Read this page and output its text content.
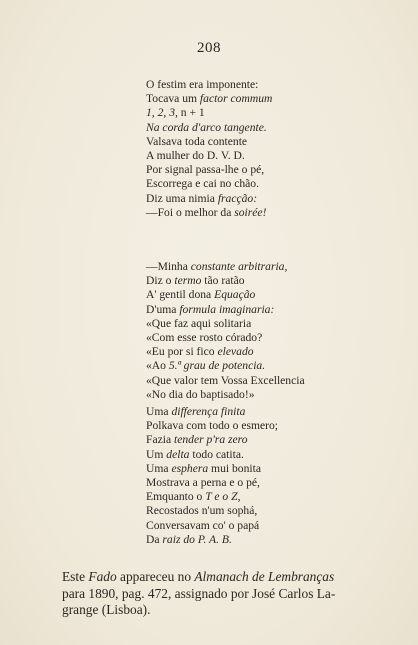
208
O festim era imponente:
Tocava um factor commum
1, 2, 3, n + 1
Na corda d'arco tangente.
Valsava toda contente
A mulher do D. V. D.
Por signal passa-lhe o pé,
Escorrega e cai no chão.
Diz uma nimia fracção:
—Foi o melhor da soirée!
—Minha constante arbitraria,
Diz o termo tão ratão
A' gentil dona Equação
D'uma formula imaginaria:
«Que faz aqui solitaria
«Com esse rosto córado?
«Eu por si fico elevado
«Ao 5.ª grau de potencia.
«Que valor tem Vossa Excellencia
«No dia do baptisado!»
Uma differença finita
Polkava com todo o esmero;
Fazia tender p'ra zero
Um delta todo catita.
Uma esphera mui bonita
Mostrava a perna e o pé,
Emquanto o T e o Z,
Recostados n'um sophá,
Conversavam co' o papá
Da raiz do P. A. B.
Este Fado appareceu no Almanach de Lembranças
para 1890, pag. 472, assignado por José Carlos La-
grange (Lisboa).
